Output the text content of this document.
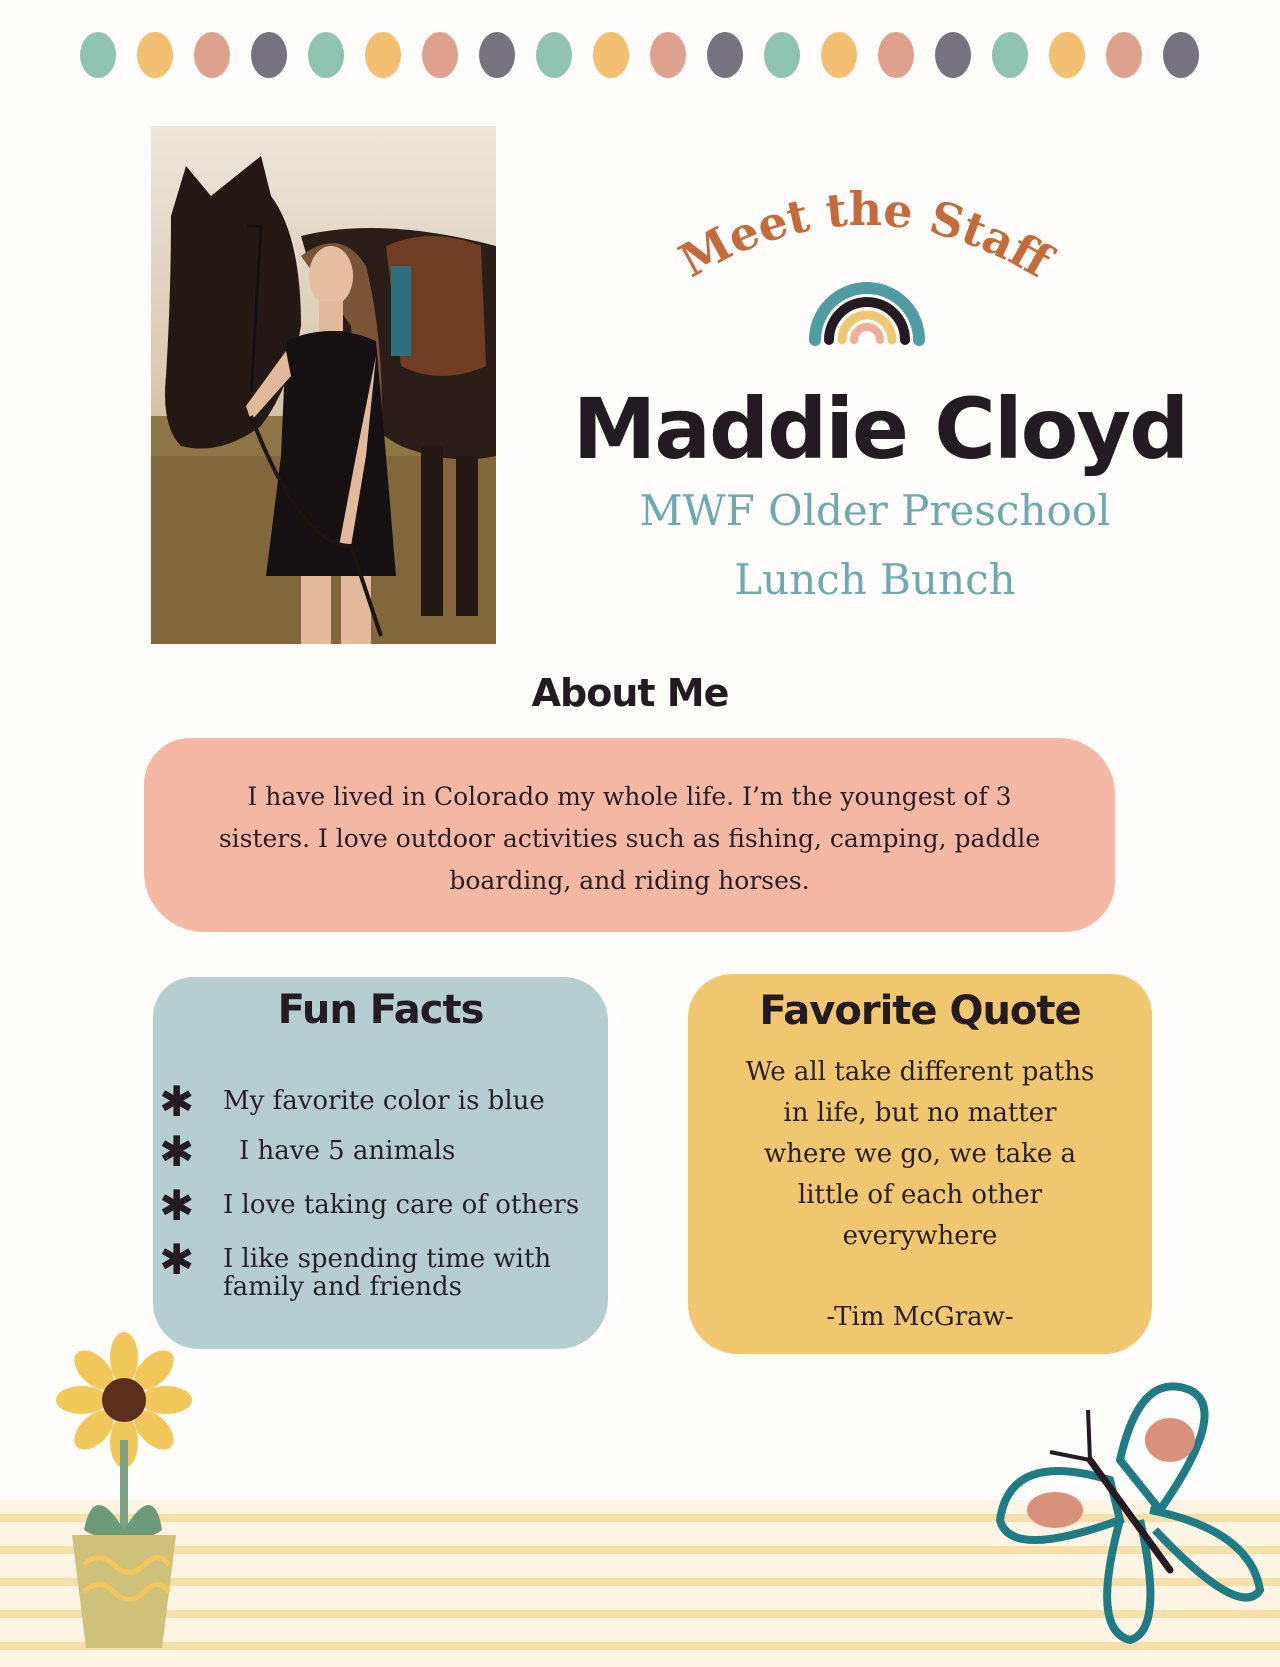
Meet the Staff
Maddie Cloyd
MWF Older Preschool
Lunch Bunch
About Me
I have lived in Colorado my whole life. I’m the youngest of 3
sisters. I love outdoor activities such as fishing, camping, paddle
boarding, and riding horses.
Fun Facts
✱ My favorite color is blue
✱ I have 5 animals
✱ I love taking care of others
✱ I like spending time with family and friends
Favorite Quote
We all take different paths
in life, but no matter
where we go, we take a
little of each other
everywhere
-Tim McGraw-
